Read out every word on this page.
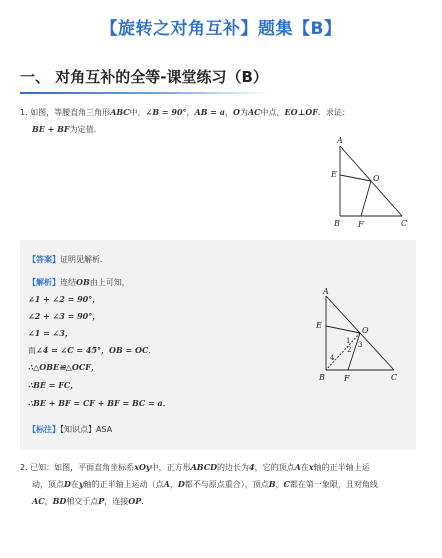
【旋转之对角互补】题集【B】
一、 对角互补的全等-课堂练习（B）
1. 如图，等腰直角三角形ABC中，∠B = 90°，AB = a，O为AC中点，EO⊥OF．求证：
BE + BF为定值．
A
E	O
B F	C
【答案】证明见解析．
【解析】连结OB由上可知，
∠1 + ∠2 = 90°，
∠2 + ∠3 = 90°，
∠1 = ∠3，
而∠4 = ∠C = 45°，OB = OC．
∴△OBE≌△OCF，
∴BE = FC，
∴BE + BF = CF + BF = BC = a．
A
E
O
B F	C
1
2
3
4
【标注】【知识点】ASA
2. 已知：如图，平面直角坐标系xOy中，正方形ABCD的边长为4，它的顶点A在x轴的正半轴上运
动，顶点D在y轴的正半轴上运动（点A，D都不与原点重合），顶点B，C都在第一象限，且对角线
AC，BD相交于点P，连接OP．
